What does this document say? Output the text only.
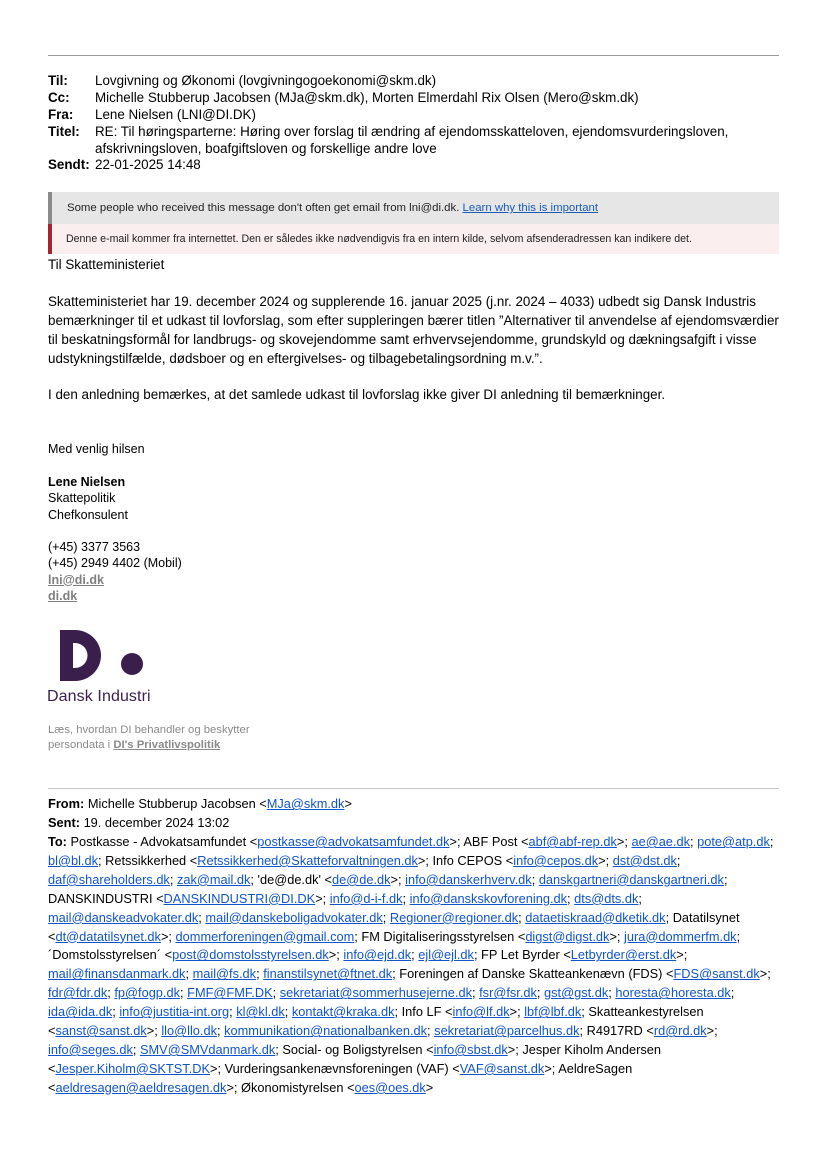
Til: Lovgivning og Økonomi (lovgivningogoekonomi@skm.dk)
Cc: Michelle Stubberup Jacobsen (MJa@skm.dk), Morten Elmerdahl Rix Olsen (Mero@skm.dk)
Fra: Lene Nielsen (LNI@DI.DK)
Titel: RE: Til høringsparterne: Høring over forslag til ændring af ejendomsskatteloven, ejendomsvurderingsloven, afskrivningsloven, boafgiftsloven og forskellige andre love
Sendt: 22-01-2025 14:48
Some people who received this message don't often get email from lni@di.dk. Learn why this is important
Denne e-mail kommer fra internettet. Den er således ikke nødvendigvis fra en intern kilde, selvom afsenderadressen kan indikere det.
Til Skatteministeriet
Skatteministeriet har 19. december 2024 og supplerende 16. januar 2025 (j.nr. 2024 – 4033) udbedt sig Dansk Industris bemærkninger til et udkast til lovforslag, som efter suppleringen bærer titlen ”Alternativer til anvendelse af ejendomsværdier til beskatningsformål for landbrugs- og skovejendomme samt erhvervsejendomme, grundskyld og dækningsafgift i visse udstykningstilfælde, dødsboer og en eftergivelses- og tilbagebetalingsordning m.v.”.
I den anledning bemærkes, at det samlede udkast til lovforslag ikke giver DI anledning til bemærkninger.
Med venlig hilsen
Lene Nielsen
Skattepolitik
Chefkonsulent
(+45) 3377 3563
(+45) 2949 4402 (Mobil)
lni@di.dk
di.dk
Dansk Industri
Læs, hvordan DI behandler og beskytter
persondata i DI's Privatlivspolitik
From: Michelle Stubberup Jacobsen <MJa@skm.dk>
Sent: 19. december 2024 13:02
To: Postkasse - Advokatsamfundet <postkasse@advokatsamfundet.dk>; ABF Post <abf@abf-rep.dk>; ae@ae.dk; pote@atp.dk; bl@bl.dk; Retssikkerhed <Retssikkerhed@Skatteforvaltningen.dk>; Info CEPOS <info@cepos.dk>; dst@dst.dk; daf@shareholders.dk; zak@mail.dk; 'de@de.dk' <de@de.dk>; info@danskerhverv.dk; danskgartneri@danskgartneri.dk; DANSKINDUSTRI <DANSKINDUSTRI@DI.DK>; info@d-i-f.dk; info@danskskovforening.dk; dts@dts.dk; mail@danskeadvokater.dk; mail@danskeboligadvokater.dk; Regioner@regioner.dk; dataetiskraad@dketik.dk; Datatilsynet <dt@datatilsynet.dk>; dommerforeningen@gmail.com; FM Digitaliseringsstyrelsen <digst@digst.dk>; jura@dommerfm.dk; ´Domstolsstyrelsen´ <post@domstolsstyrelsen.dk>; info@ejd.dk; ejl@ejl.dk; FP Let Byrder <Letbyrder@erst.dk>; mail@finansdanmark.dk; mail@fs.dk; finanstilsynet@ftnet.dk; Foreningen af Danske Skatteankenævn (FDS) <FDS@sanst.dk>; fdr@fdr.dk; fp@fogp.dk; FMF@FMF.DK; sekretariat@sommerhusejerne.dk; fsr@fsr.dk; gst@gst.dk; horesta@horesta.dk; ida@ida.dk; info@justitia-int.org; kl@kl.dk; kontakt@kraka.dk; Info LF <info@lf.dk>; lbf@lbf.dk; Skatteankestyrelsen <sanst@sanst.dk>; llo@llo.dk; kommunikation@nationalbanken.dk; sekretariat@parcelhus.dk; R4917RD <rd@rd.dk>; info@seges.dk; SMV@SMVdanmark.dk; Social- og Boligstyrelsen <info@sbst.dk>; Jesper Kiholm Andersen <Jesper.Kiholm@SKTST.DK>; Vurderingsankenævnsforeningen (VAF) <VAF@sanst.dk>; AeldreSagen <aeldresagen@aeldresagen.dk>; Økonomistyrelsen <oes@oes.dk>
